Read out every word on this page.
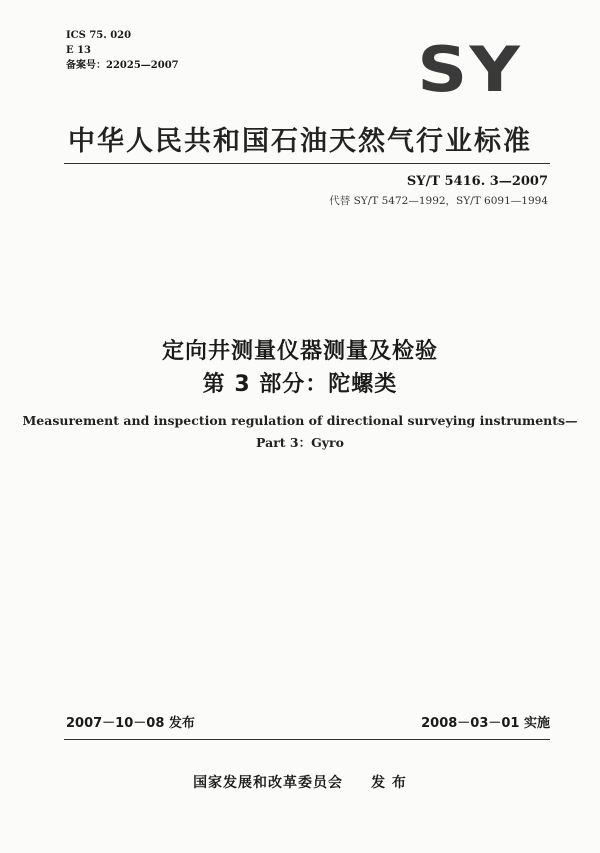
ICS 75. 020
E 13
备案号：22025—2007	SY
中华人民共和国石油天然气行业标准
SY/T 5416. 3—2007
代替 SY/T 5472—1992，SY/T 6091—1994
定向井测量仪器测量及检验
第 3 部分：陀螺类
Measurement and inspection regulation of directional surveying instruments—
Part 3：Gyro
2007－10－08 发布	2008－03－01 实施
国家发展和改革委员会 发 布
